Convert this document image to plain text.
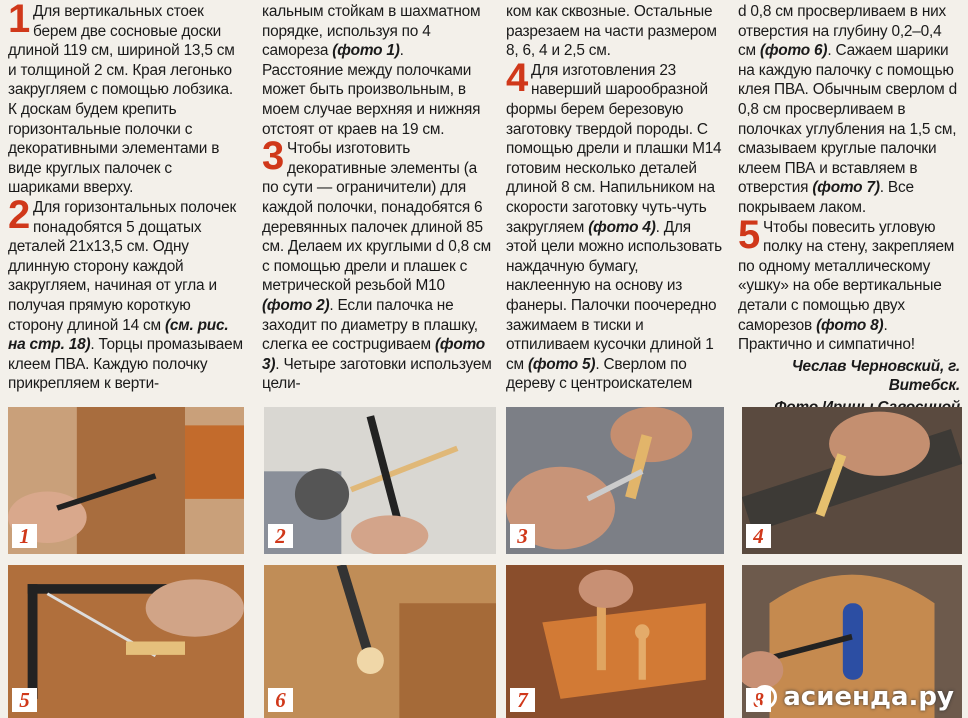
1 Для вертикальных стоек берем две сосновые доски длиной 119 см, шириной 13,5 см и толщиной 2 см. Края легонько закругляем с помощью лобзика. К доскам будем крепить горизонтальные полочки с декоративными элементами в виде круглых палочек с шариками вверху.

2 Для горизонтальных полочек понадобятся 5 дощатых деталей 21х13,5 см. Одну длинную сторону каждой закругляем, начиная от угла и получая прямую короткую сторону длиной 14 см (см. рис. на стр. 18). Торцы промазываем клеем ПВА. Каждую полочку прикрепляем к верти-

кальным стойкам в шахматном порядке, используя по 4 самореза (фото 1).

Расстояние между полочками может быть произвольным, в моем случае верхняя и нижняя отстоят от краев на 19 см.

3 Чтобы изготовить декоративные элементы (а по сути — ограничители) для каждой полочки, понадобятся 6 деревянных палочек длиной 85 см. Делаем их круглыми d 0,8 см с помощью дрели и плашек с метрической резьбой М10 (фото 2). Если палочка не заходит по диаметру в плашку, слегка ее сострugиваем (фото 3). Четыре заготовки используем цели-

ком как сквозные. Остальные разрезаем на части размером 8, 6, 4 и 2,5 см.

4 Для изготовления 23 наверший шарообразной формы берем березовую заготовку твердой породы. С помощью дрели и плашки М14 готовим несколько деталей длиной 8 см. Напильником на скорости заготовку чуть-чуть закругляем (фото 4). Для этой цели можно использовать наждачную бумагу, наклеенную на основу из фанеры. Палочки поочередно зажимаем в тиски и отпиливаем кусочки длиной 1 см (фото 5). Сверлом по дереву с центроискателем

d 0,8 см просверливаем в них отверстия на глубину 0,2–0,4 см (фото 6). Сажаем шарики на каждую палочку с помощью клея ПВА. Обычным сверлом d 0,8 см просверливаем в полочках углубления на 1,5 см, смазываем круглые палочки клеем ПВА и вставляем в отверстия (фото 7). Все покрываем лаком.

5 Чтобы повесить угловую полку на стену, закрепляем по одному металлическому «ушку» на обе вертикальные детали с помощью двух саморезов (фото 8). Практично и симпатично!

Чеслав Черновский, г. Витебск.
1	2	3	4
5	6	7	8 асиенда.ру
